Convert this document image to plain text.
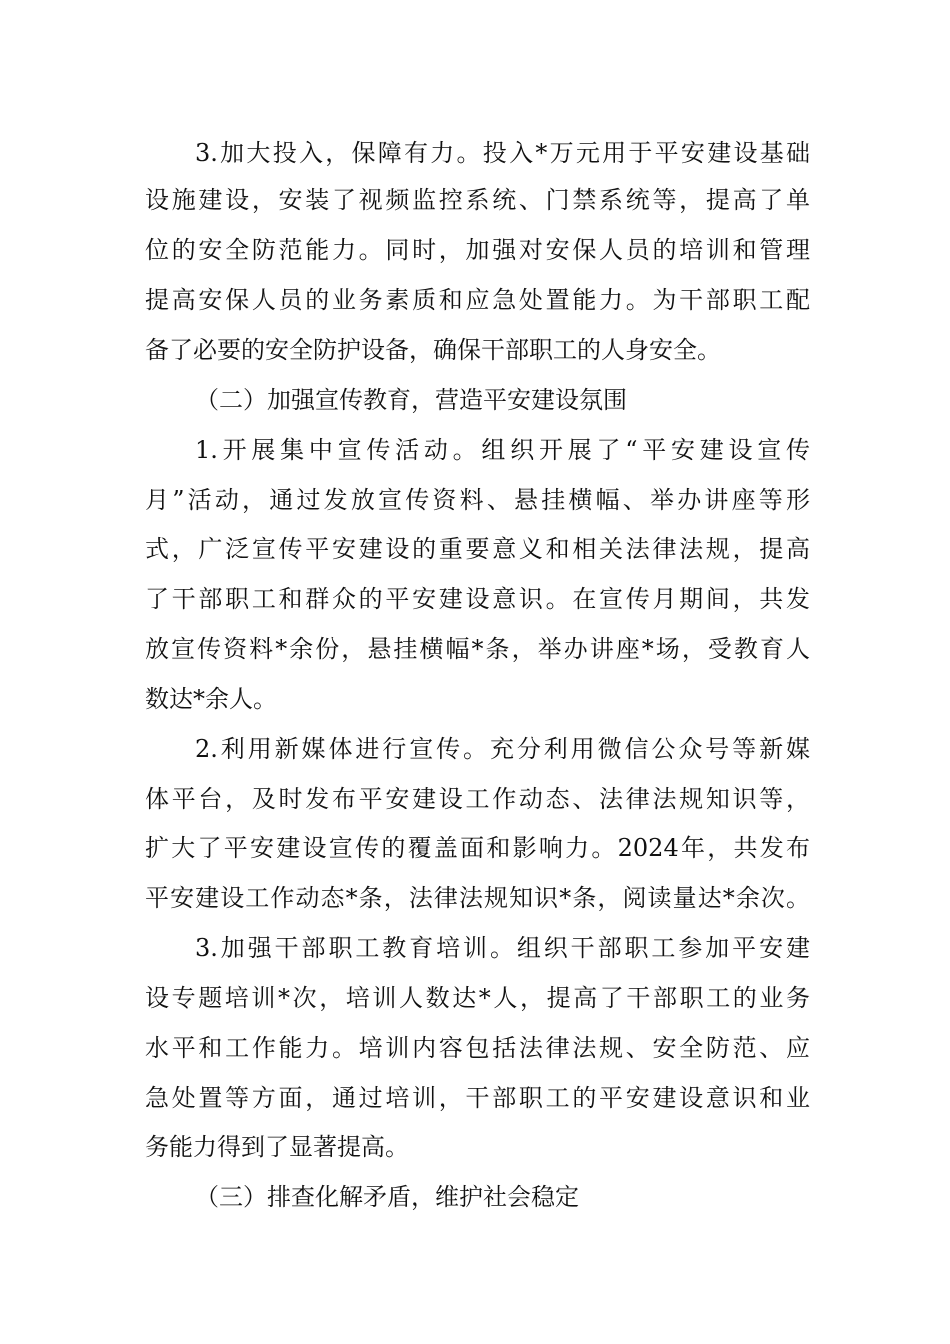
3.加大投入，保障有力。投入*万元用于平安建设基础
设施建设，安装了视频监控系统、门禁系统等，提高了单
位的安全防范能力。同时，加强对安保人员的培训和管理
提高安保人员的业务素质和应急处置能力。为干部职工配
备了必要的安全防护设备，确保干部职工的人身安全。
（二）加强宣传教育，营造平安建设氛围
1.开展集中宣传活动。组织开展了“平安建设宣传
月”活动，通过发放宣传资料、悬挂横幅、举办讲座等形
式，广泛宣传平安建设的重要意义和相关法律法规，提高
了干部职工和群众的平安建设意识。在宣传月期间，共发
放宣传资料*余份，悬挂横幅*条，举办讲座*场，受教育人
数达*余人。
2.利用新媒体进行宣传。充分利用微信公众号等新媒
体平台，及时发布平安建设工作动态、法律法规知识等，
扩大了平安建设宣传的覆盖面和影响力。2024年，共发布
平安建设工作动态*条，法律法规知识*条，阅读量达*余次。
3.加强干部职工教育培训。组织干部职工参加平安建
设专题培训*次，培训人数达*人，提高了干部职工的业务
水平和工作能力。培训内容包括法律法规、安全防范、应
急处置等方面，通过培训，干部职工的平安建设意识和业
务能力得到了显著提高。
（三）排查化解矛盾，维护社会稳定
